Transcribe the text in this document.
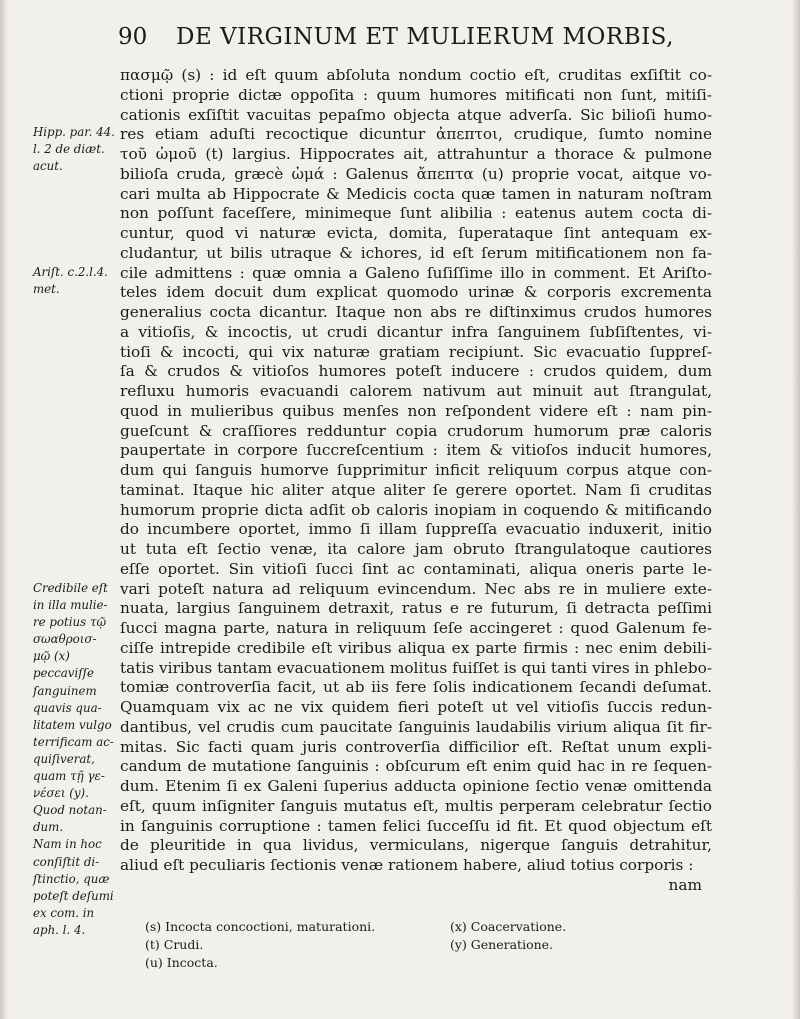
90 DE VIRGINUM ET MULIERUM MORBIS,
πασμῷ (s) : id eſt quum abſoluta nondum coctio eſt, cruditas exſiſtit co-
ctioni proprie dictæ oppoſita : quum humores mitificati non ſunt, mitiſi-
cationis exſiſtit vacuitas pepaſmo objecta atque adverſa. Sic bilioſi humo-
res etiam aduſti recoctique dicuntur ἀπεπτοι, crudique, ſumto nomine
τοῦ ὠμοῦ (t) largius. Hippocrates ait, attrahuntur a thorace & pulmone
bilioſa cruda, græcè ὠμά : Galenus ἄπεπτα (u) proprie vocat, aitque vo-
cari multa ab Hippocrate & Medicis cocta quæ tamen in naturam noſtram
non poſſunt faceſſere, minimeque ſunt alibilia : eatenus autem cocta di-
cuntur, quod vi naturæ evicta, domita, ſuperataque ſint antequam ex-
cludantur, ut bilis utraque & ichores, id eſt ſerum mitificationem non fa-
cile admittens : quæ omnia a Galeno ſuſiſſime illo in comment. Et Ariſto-
teles idem docuit dum explicat quomodo urinæ & corporis excrementa
generalius cocta dicantur. Itaque non abs re diſtinximus crudos humores
a vitioſis, & incoctis, ut crudi dicantur infra ſanguinem ſubſiſtentes, vi-
tioſi & incocti, qui vix naturæ gratiam recipiunt. Sic evacuatio ſuppreſ-
ſa & crudos & vitioſos humores poteſt inducere : crudos quidem, dum
refluxu humoris evacuandi calorem nativum aut minuit aut ſtrangulat,
quod in mulieribus quibus menſes non reſpondent videre eſt : nam pin-
gueſcunt & craſſiores redduntur copia crudorum humorum præ caloris
paupertate in corpore ſuccreſcentium : item & vitioſos inducit humores,
dum qui ſanguis humorve ſupprimitur inficit reliquum corpus atque con-
taminat. Itaque hic aliter atque aliter ſe gerere oportet. Nam ſi cruditas
humorum proprie dicta adſit ob caloris inopiam in coquendo & mitificando
do incumbere oportet, immo ſi illam ſuppreſſa evacuatio induxerit, initio
ut tuta eſt ſectio venæ, ita calore jam obruto ſtrangulatoque cautiores
eſſe oportet. Sin vitioſi ſucci ſint ac contaminati, aliqua oneris parte le-
vari poteſt natura ad reliquum evincendum. Nec abs re in muliere exte-
nuata, largius ſanguinem detraxit, ratus e re futurum, ſi detracta peſſimi
ſucci magna parte, natura in reliquum ſeſe accingeret : quod Galenum fe-
ciſſe intrepide credibile eſt viribus aliqua ex parte firmis : nec enim debili-
tatis viribus tantam evacuationem molitus fuiſſet is qui tanti vires in phlebo-
tomiæ controverſia facit, ut ab iis fere ſolis indicationem ſecandi deſumat.
Quamquam vix ac ne vix quidem fieri poteſt ut vel vitioſis ſuccis redun-
dantibus, vel crudis cum paucitate ſanguinis laudabilis virium aliqua ſit fir-
mitas. Sic facti quam juris controverſia difficilior eſt. Reſtat unum expli-
candum de mutatione ſanguinis : obſcurum eſt enim quid hac in re ſequen-
dum. Etenim ſi ex Galeni ſuperius adducta opinione ſectio venæ omittenda
eſt, quum inſigniter ſanguis mutatus eſt, multis perperam celebratur ſectio
in ſanguinis corruptione : tamen felici ſucceſſu id fit. Et quod objectum eſt
de pleuritide in qua lividus, vermiculans, nigerque ſanguis detrahitur,
aliud eſt peculiaris ſectionis venæ rationem habere, aliud totius corporis :
nam
Hipp. par. 44.
l. 2 de diæt.
acut.
Ariſt. c.2.l.4.
met.
Credibile eſt
in illa mulie-
re potius τῷ
σωαθροισ-
μῷ (x)
peccaviſſe
ſanguinem
quavis qua-
litatem vulgo
terrificam ac-
quiſiverat,
quam τῇ γε-
νέσει (y).
Quod notan-
dum.
Nam in hoc
conſiſtit di-
ſtinctio, quæ
poteſt deſumi
ex com. in
aph. l. 4.	(s) Incocta concoctioni, maturationi.
(t) Crudi.
(u) Incocta.
(x) Coacervatione.
(y) Generatione.
